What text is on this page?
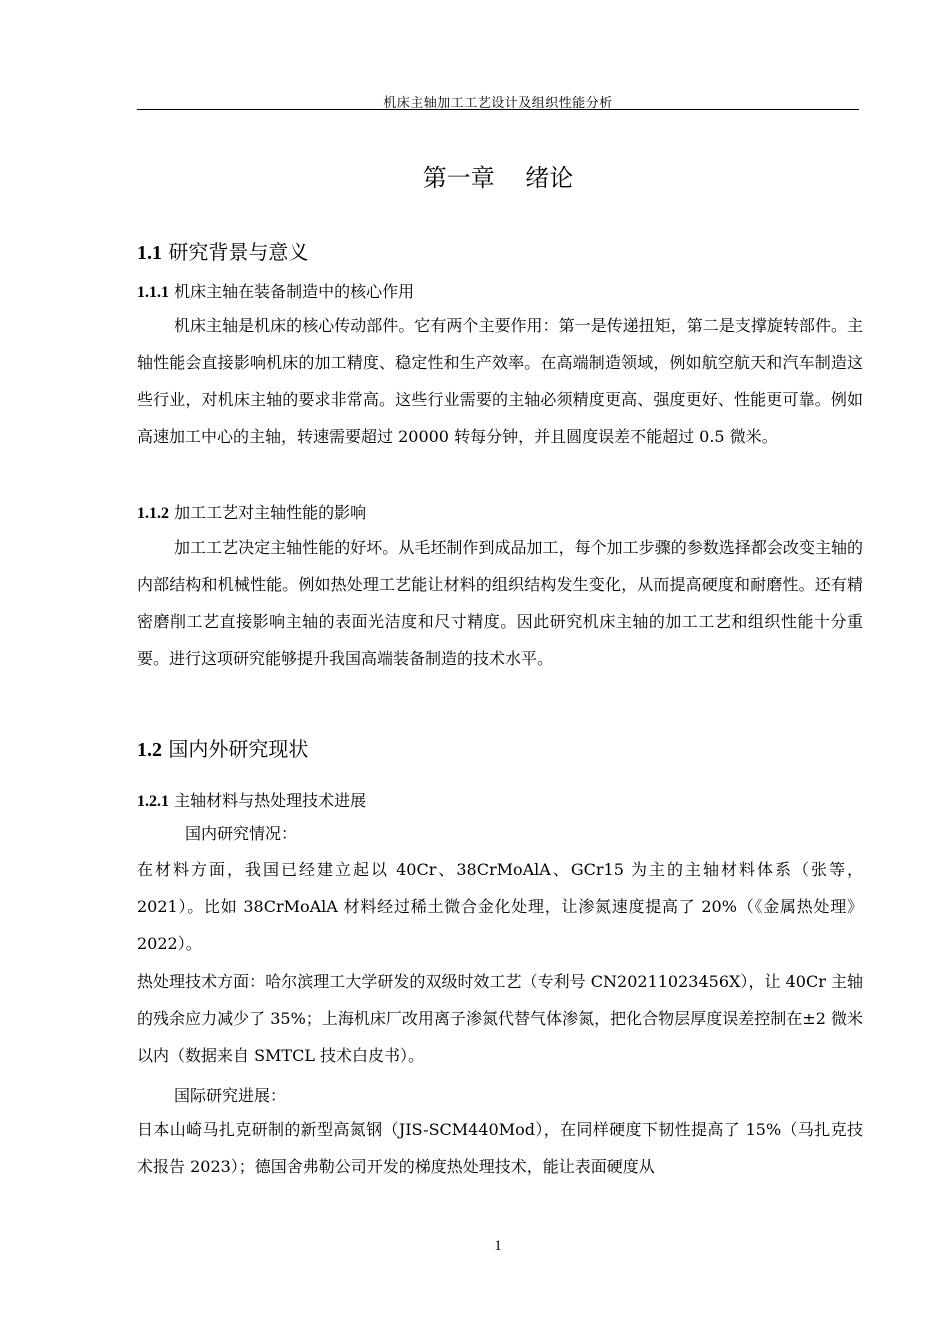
机床主轴加工工艺设计及组织性能分析
第一章    绪论
1.1 研究背景与意义
1.1.1 机床主轴在装备制造中的核心作用
机床主轴是机床的核心传动部件。它有两个主要作用：第一是传递扭矩，第二是支撑旋转部件。主轴性能会直接影响机床的加工精度、稳定性和生产效率。在高端制造领域，例如航空航天和汽车制造这些行业，对机床主轴的要求非常高。这些行业需要的主轴必须精度更高、强度更好、性能更可靠。例如高速加工中心的主轴，转速需要超过 20000 转每分钟，并且圆度误差不能超过 0.5 微米。
1.1.2 加工工艺对主轴性能的影响
加工工艺决定主轴性能的好坏。从毛坯制作到成品加工，每个加工步骤的参数选择都会改变主轴的内部结构和机械性能。例如热处理工艺能让材料的组织结构发生变化，从而提高硬度和耐磨性。还有精密磨削工艺直接影响主轴的表面光洁度和尺寸精度。因此研究机床主轴的加工工艺和组织性能十分重要。进行这项研究能够提升我国高端装备制造的技术水平。
1.2 国内外研究现状
1.2.1 主轴材料与热处理技术进展
国内研究情况：
在材料方面，我国已经建立起以 40Cr、38CrMoAlA、GCr15 为主的主轴材料体系（张等，2021）。比如 38CrMoAlA 材料经过稀土微合金化处理，让渗氮速度提高了 20%（《金属热处理》2022）。
热处理技术方面：哈尔滨理工大学研发的双级时效工艺（专利号 CN20211023456X），让 40Cr 主轴的残余应力减少了 35%；上海机床厂改用离子渗氮代替气体渗氮，把化合物层厚度误差控制在±2 微米以内（数据来自 SMTCL 技术白皮书）。
国际研究进展：
日本山崎马扎克研制的新型高氮钢（JIS-SCM440Mod），在同样硬度下韧性提高了 15%（马扎克技术报告 2023）；德国舍弗勒公司开发的梯度热处理技术，能让表面硬度从
1
